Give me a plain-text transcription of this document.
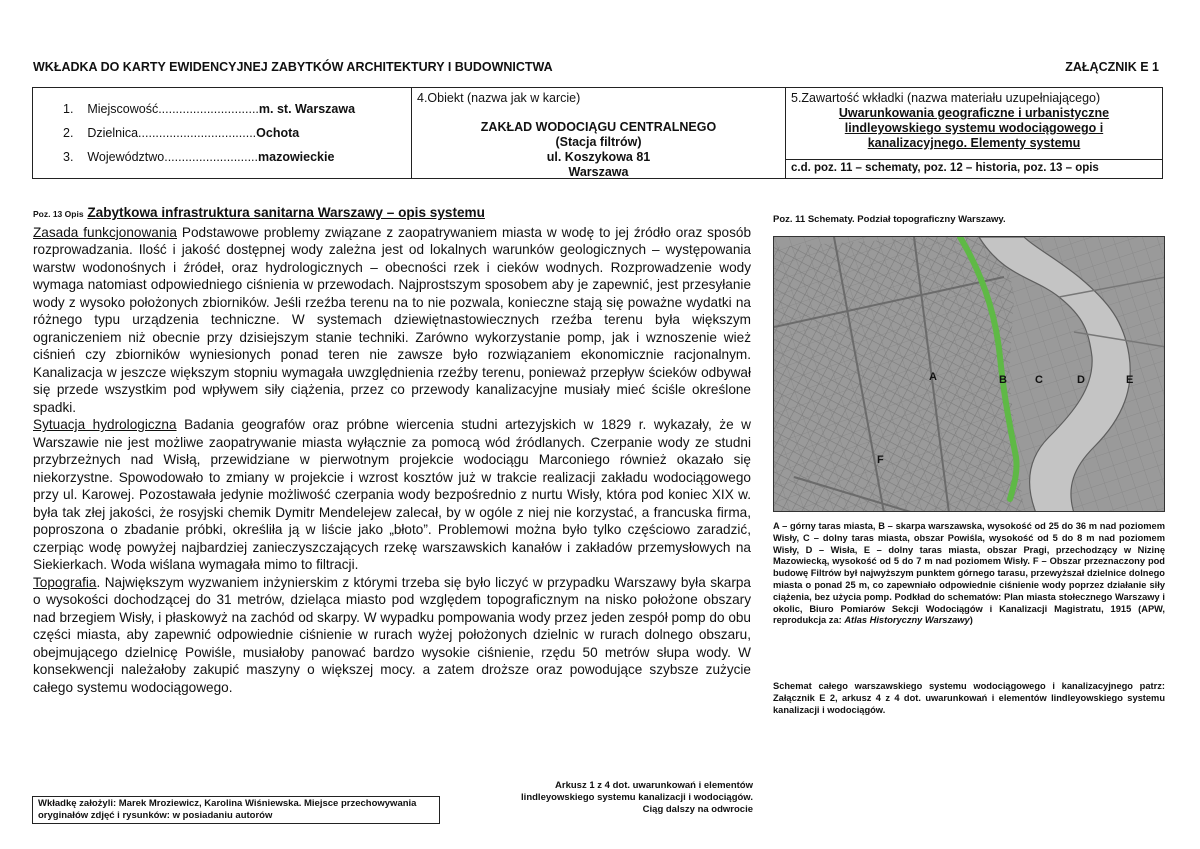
WKŁADKA DO KARTY EWIDENCYJNEJ ZABYTKÓW ARCHITEKTURY I BUDOWNICTWA	ZAŁĄCZNIK E 1
1. Miejscowość.............................m. st. Warszawa
2. Dzielnica..................................Ochota
3. Województwo...........................mazowieckie
4.Obiekt (nazwa jak w karcie)
ZAKŁAD WODOCIĄGU CENTRALNEGO
(Stacja filtrów)
ul. Koszykowa 81
Warszawa
5.Zawartość wkładki (nazwa materiału uzupełniającego)
Uwarunkowania geograficzne i urbanistyczne lindleyowskiego systemu wodociągowego i kanalizacyjnego. Elementy systemu
c.d. poz. 11 – schematy, poz. 12 – historia, poz. 13 – opis
Poz. 13 Opis Zabytkowa infrastruktura sanitarna Warszawy – opis systemu

Zasada funkcjonowania Podstawowe problemy związane z zaopatrywaniem miasta w wodę to jej źródło oraz sposób rozprowadzania. Ilość i jakość dostępnej wody zależna jest od lokalnych warunków geologicznych – występowania warstw wodonośnych i źródeł, oraz hydrologicznych – obecności rzek i cieków wodnych. Rozprowadzenie wody wymaga natomiast odpowiedniego ciśnienia w przewodach. Najprostszym sposobem aby je zapewnić, jest przesyłanie wody z wysoko położonych zbiorników. Jeśli rzeźba terenu na to nie pozwala, konieczne stają się poważne wydatki na różnego typu urządzenia techniczne. W systemach dziewiętnastowiecznych rzeźba terenu była większym ograniczeniem niż obecnie przy dzisiejszym stanie techniki. Zarówno wykorzystanie pomp, jak i wznoszenie wież ciśnień czy zbiorników wyniesionych ponad teren nie zawsze było rozwiązaniem ekonomicznie racjonalnym. Kanalizacja w jeszcze większym stopniu wymagała uwzględnienia rzeźby terenu, ponieważ przepływ ścieków odbywał się przede wszystkim pod wpływem siły ciążenia, przez co przewody kanalizacyjne musiały mieć ściśle określone spadki.

Sytuacja hydrologiczna Badania geografów oraz próbne wiercenia studni artezyjskich w 1829 r. wykazały, że w Warszawie nie jest możliwe zaopatrywanie miasta wyłącznie za pomocą wód źródlanych. Czerpanie wody ze studni przybrzeżnych nad Wisłą, przewidziane w pierwotnym projekcie wodociągu Marconiego również okazało się niekorzystne. Spowodowało to zmiany w projekcie i wzrost kosztów już w trakcie realizacji zakładu wodociągowego przy ul. Karowej. Pozostawała jedynie możliwość czerpania wody bezpośrednio z nurtu Wisły, która pod koniec XIX w. była tak złej jakości, że rosyjski chemik Dymitr Mendelejew zalecał, by w ogóle z niej nie korzystać, a francuska firma, poproszona o zbadanie próbki, określiła ją w liście jako „błoto”. Problemowi można było tylko częściowo zaradzić, czerpiąc wodę powyżej najbardziej zanieczyszczających rzekę warszawskich kanałów i zakładów przemysłowych na Siekierkach. Woda wiślana wymagała mimo to filtracji.

Topografia. Największym wyzwaniem inżynierskim z którymi trzeba się było liczyć w przypadku Warszawy była skarpa o wysokości dochodzącej do 31 metrów, dzieląca miasto pod względem topograficznym na nisko położone obszary nad brzegiem Wisły, i płaskowyż na zachód od skarpy. W wypadku pompowania wody przez jeden zespół pomp do obu części miasta, aby zapewnić odpowiednie ciśnienie w rurach wyżej położonych dzielnic w rurach dolnego obszaru, obejmującego dzielnicę Powiśle, musiałoby panować bardzo wysokie ciśnienie, rzędu 50 metrów słupa wody. W konsekwencji należałoby zakupić maszyny o większej mocy. a zatem droższe oraz powodujące szybsze zużycie całego systemu wodociągowego.

Poz. 11 Schematy. Podział topograficzny Warszawy.
A	B	C	D	E
F
A – górny taras miasta, B – skarpa warszawska, wysokość od 25 do 36 m nad poziomem Wisły, C – dolny taras miasta, obszar Powiśla, wysokość od 5 do 8 m nad poziomem Wisły, D – Wisła, E – dolny taras miasta, obszar Pragi, przechodzący w Nizinę Mazowiecką, wysokość od 5 do 7 m nad poziomem Wisły. F – Obszar przeznaczony pod budowę Filtrów był najwyższym punktem górnego tarasu, przewyższał dzielnice dolnego miasta o ponad 25 m, co zapewniało odpowiednie ciśnienie wody poprzez działanie siły ciążenia, bez użycia pomp. Podkład do schematów: Plan miasta stołecznego Warszawy i okolic, Biuro Pomiarów Sekcji Wodociągów i Kanalizacji Magistratu, 1915 (APW, reprodukcja za: Atlas Historyczny Warszawy)
Schemat całego warszawskiego systemu wodociągowego i kanalizacyjnego patrz: Załącznik E 2, arkusz 4 z 4 dot. uwarunkowań i elementów lindleyowskiego systemu kanalizacji i wodociągów.
Arkusz 1 z 4 dot. uwarunkowań i elementów lindleyowskiego systemu kanalizacji i wodociągów. Ciąg dalszy na odwrocie
Wkładkę założyli: Marek Mroziewicz, Karolina Wiśniewska. Miejsce przechowywania oryginałów zdjęć i rysunków: w posiadaniu autorów
